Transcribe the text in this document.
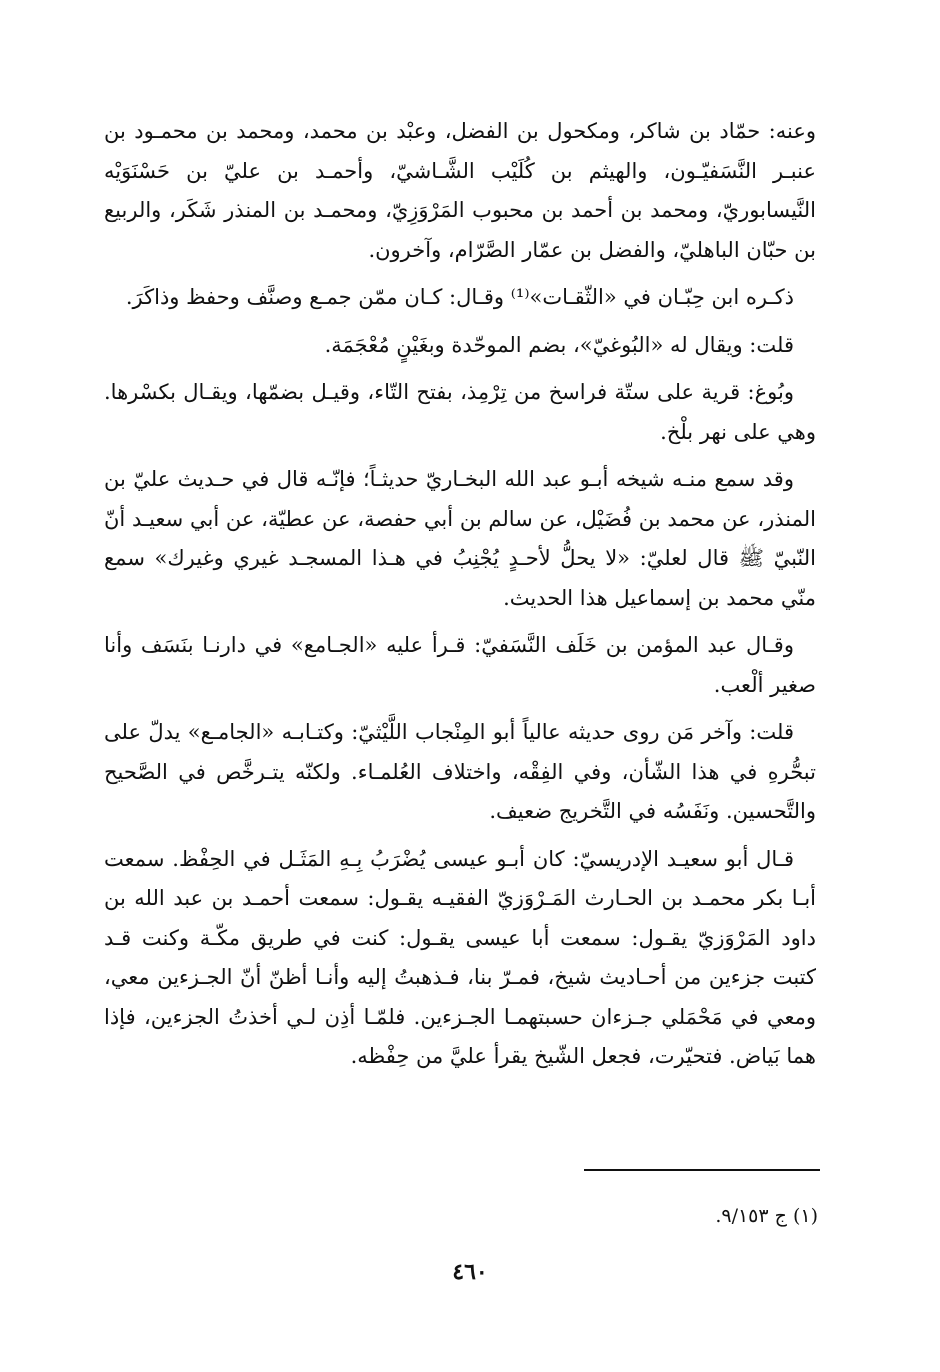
وعنه: حمّاد بن شاكر، ومكحول بن الفضل، وعبْد بن محمد، ومحمد بن محمـود بن عنبـر النَّسَفيّـون، والهيثم بن كُلَيْب الشَّـاشيّ، وأحمـد بن عليّ بن حَسْنَوَيْه النَّيسابوريّ، ومحمد بن أحمد بن محبوب المَرْوَزِيّ، ومحمـد بن المنذر شَكَر، والربيع بن حبّان الباهليّ، والفضل بن عمّار الصَّرّام، وآخرون.

ذكـره ابن حِبّـان في «الثّقـات»⁽¹⁾ وقـال: كـان ممّن جمـع وصنَّف وحفظ وذاكَرَ.

قلت: ويقال له «البُوغيّ»، بضم الموحّدة وبغَيْنٍ مُعْجَمَة.

وبُوغ: قرية على ستّة فراسخ من تِرْمِذ، بفتح التّاء، وقيـل بضمّها، ويقـال بكسْرها. وهي على نهر بلْخ.

وقد سمع منـه شيخه أبـو عبد الله البخـاريّ حديثـاً؛ فإنّـه قال في حـديث عليّ بن المنذر، عن محمد بن فُضَيْل، عن سالم بن أبي حفصة، عن عطيّة، عن أبي سعيـد أنّ النّبيّ ﷺ قال لعليّ: «لا يحلُّ لأحـدٍ يُجْنِبُ في هـذا المسجـد غيري وغيرك» سمع منّي محمد بن إسماعيل هذا الحديث.

وقـال عبد المؤمن بن خَلَف النَّسَفيّ: قـرأ عليه «الجـامع» في دارنـا بنَسَف وأنا صغير ألْعب.

قلت: وآخر مَن روى حديثه عالياً أبو المِنْجاب اللَّيْثيّ: وكتـابـه «الجامـع» يدلّ على تبحُّرهِ في هذا الشّأن، وفي الفِقْه، واختلاف العُلمـاء. ولكنّه يتـرخَّص في الصَّحيح والتَّحسين. ونَفَسُه في التَّخريج ضعيف.

قـال أبو سعيـد الإدريسيّ: كان أبـو عيسى يُضْرَبُ بِـهِ المَثَـل في الحِفْظ. سمعت أبـا بكر محمـد بن الحـارث المَـرْوَزيّ الفقيـه يقـول: سمعت أحمـد بن عبد الله بن داود المَرْوَزيّ يقـول: سمعت أبا عيسى يقـول: كنت في طريق مكّـة وكنت قـد كتبت جزءين من أحـاديث شيخ، فمـرّ بنا، فـذهبتُ إليه وأنـا أظنّ أنّ الجـزءين معي، ومعي في مَحْمَلي جـزءان حسبتهمـا الجـزءين. فلمّـا أذِن لـي أخذتُ الجزءين، فإذا هما بَياض. فتحيّرت، فجعل الشّيخ يقرأ عليَّ من حِفْظه.

(١) ج ٩/١٥٣.
٤٦٠
